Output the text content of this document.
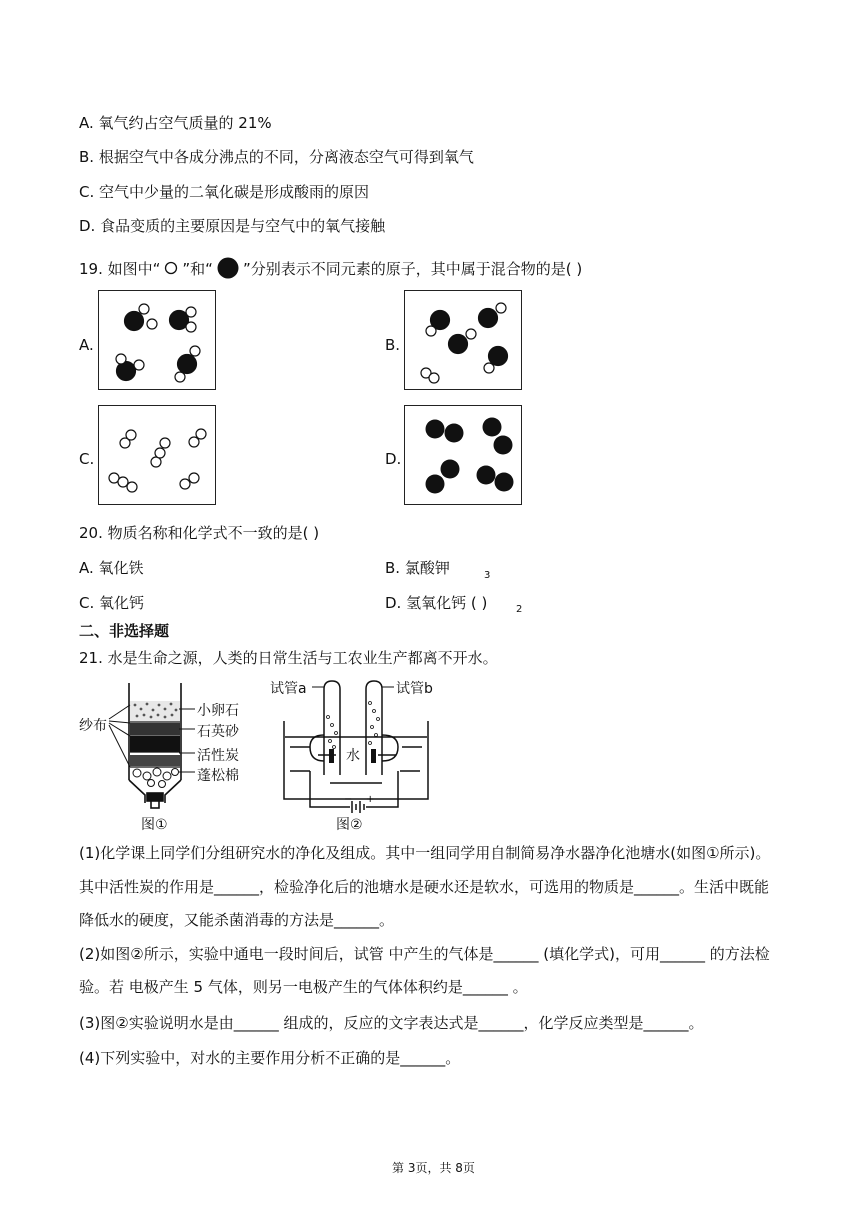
A. 氧气约占空气质量的 21%
B. 根据空气中各成分沸点的不同，分离液态空气可得到氧气
C. 空气中少量的二氧化碳是形成酸雨的原因
D. 食品变质的主要原因是与空气中的氧气接触
19. 如图中“ ”和“ ”分别表示不同元素的原子，其中属于混合物的是( )
A.	B.
C.	D.
20. 物质名称和化学式不一致的是( )
A. 氧化铁	B. 氯酸钾	3
C. 氧化钙	D. 氢氧化钙 ( )	2
二、非选择题
21. 水是生命之源，人类的日常生活与工农业生产都离不开水。
纱布
小卵石
石英砂
活性炭
蓬松棉
图①
− +
试管a	试管b
水
图②
(1)化学课上同学们分组研究水的净化及组成。其中一组同学用自制简易净水器净化池塘水(如图①所示)。
其中活性炭的作用是______，检验净化后的池塘水是硬水还是软水，可选用的物质是______。生活中既能
降低水的硬度，又能杀菌消毒的方法是______。
(2)如图②所示，实验中通电一段时间后，试管 中产生的气体是______ (填化学式)，可用______ 的方法检
验。若 电极产生 5 气体，则另一电极产生的气体体积约是______ 。
(3)图②实验说明水是由______ 组成的，反应的文字表达式是______，化学反应类型是______。
(4)下列实验中，对水的主要作用分析不正确的是______。
第 3页，共 8页
